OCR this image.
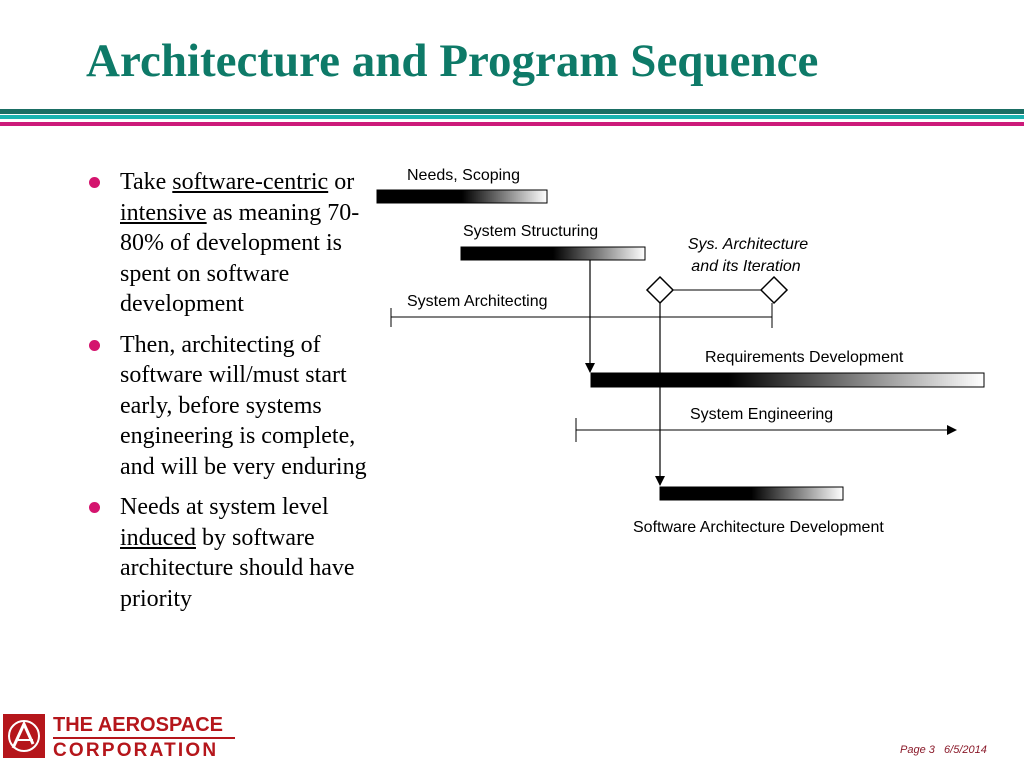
Architecture and Program Sequence
Take software-centric or intensive as meaning 70-80% of development is spent on software development
Then, architecting of software will/must start early, before systems engineering is complete, and will be very enduring
Needs at system level induced by software architecture should have priority
Needs, Scoping
System Structuring
Sys. Architecture
and its Iteration
System Architecting
Requirements Development
System Engineering
Software Architecture Development
THE AEROSPACE
CORPORATION	Page 3 6/5/2014
